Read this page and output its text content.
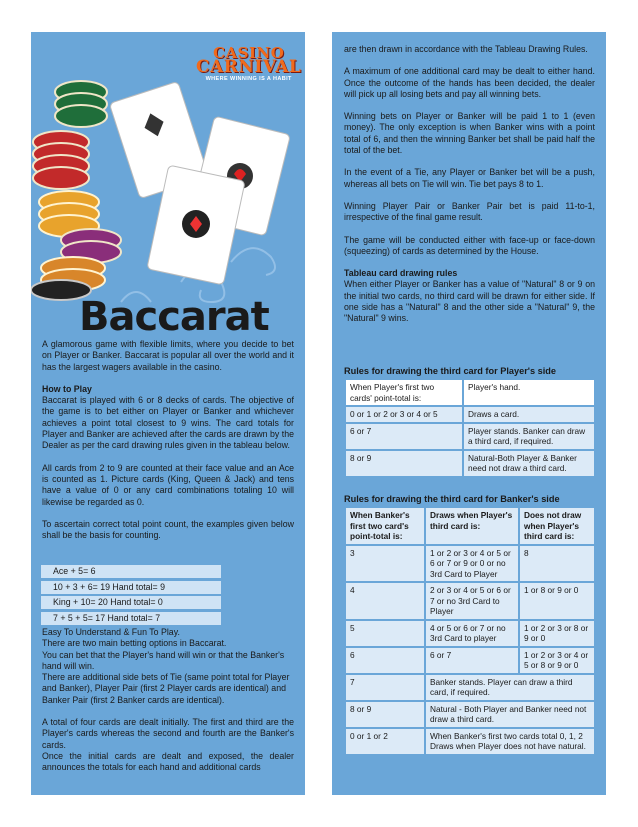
CASINO
CARNIVAL
WHERE WINNING IS A HABIT
Baccarat

A glamorous game with flexible limits, where you decide to bet on Player or Banker. Baccarat is popular all over the world and it has the largest wagers available in the casino.

How to Play

Baccarat is played with 6 or 8 decks of cards. The objective of the game is to bet either on Player or Banker and whichever achieves a point total closest to 9 wins. The card totals for Player and Banker are achieved after the cards are drawn by the Dealer as per the card drawing rules given in the tableau below.

All cards from 2 to 9 are counted at their face value and an Ace is counted as 1. Picture cards (King, Queen & Jack) and tens have a value of 0 or any card combinations totaling 10 will likewise be regarded as 0.

To ascertain correct total point count, the examples given below shall be the basis for counting.

Ace + 5= 6
10 + 3 + 6= 19 Hand total= 9
King + 10= 20 Hand total= 0
7 + 5 + 5= 17 Hand total= 7

Easy To Understand & Fun To Play.

There are two main betting options in Baccarat.

You can bet that the Player's hand will win or that the Banker's hand will win.

There are additional side bets of Tie (same point total for Player and Banker), Player Pair (first 2 Player cards are identical) and Banker Pair (first 2 Banker cards are identical).

A total of four cards are dealt initially. The first and third are the Player's cards whereas the second and fourth are the Banker's cards.

Once the initial cards are dealt and exposed, the dealer announces the totals for each hand and additional cards

are then drawn in accordance with the Tableau Drawing Rules.

A maximum of one additional card may be dealt to either hand. Once the outcome of the hands has been decided, the dealer will pick up all losing bets and pay all winning bets.

Winning bets on Player or Banker will be paid 1 to 1 (even money). The only exception is when Banker wins with a point total of 6, and then the winning Banker bet shall be paid half the total of the bet.

In the event of a Tie, any Player or Banker bet will be a push, whereas all bets on Tie will win. Tie bet pays 8 to 1.

Winning Player Pair or Banker Pair bet is paid 11-to-1, irrespective of the final game result.

The game will be conducted either with face-up or face-down (squeezing) of cards as determined by the House.

Tableau card drawing rules

When either Player or Banker has a value of "Natural" 8 or 9 on the initial two cards, no third card will be drawn for either side. If one side has a "Natural" 8 and the other side a "Natural" 9, the "Natural" 9 wins.

Rules for drawing the third card for Player's side
When Player's first two cards' point-total is:	Player's hand.
0 or 1 or 2 or 3 or 4 or 5	Draws a card.
6 or 7	Player stands. Banker can draw a third card, if required.
8 or 9	Natural-Both Player & Banker need not draw a third card.
Rules for drawing the third card for Banker's side
When Banker's first two card's point-total is:	Draws when Player's third card is:	Does not draw when Player's third card is:
3	1 or 2 or 3 or 4 or 5 or 6 or 7 or 9 or 0 or no 3rd Card to Player	8
4	2 or 3 or 4 or 5 or 6 or 7 or no 3rd Card to Player	1 or 8 or 9 or 0
5	4 or 5 or 6 or 7 or no 3rd Card to player	1 or 2 or 3 or 8 or 9 or 0
6	6 or 7	1 or 2 or 3 or 4 or 5 or 8 or 9 or 0
7	Banker stands. Player can draw a third card, if required.	
8 or 9	Natural - Both Player and Banker need not draw a third card.	
0 or 1 or 2	When Banker's first two cards total 0, 1, 2 Draws when Player does not have natural.	
